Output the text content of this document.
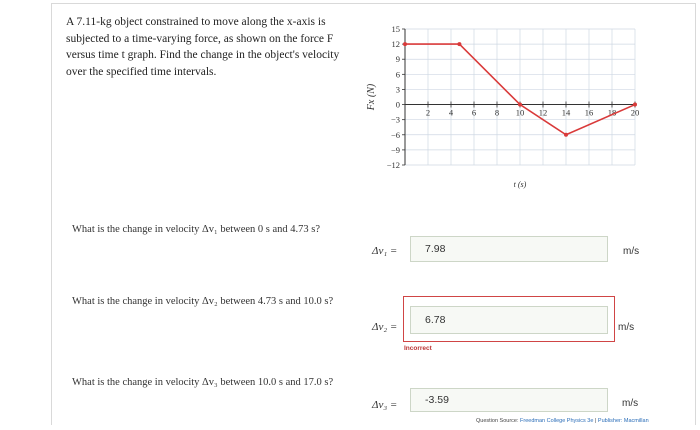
A 7.11-kg object constrained to move along the x-axis is
subjected to a time-varying force, as shown on the force F
versus time t graph. Find the change in the object's velocity
over the specified time intervals.
15
12
9
6
3
0
−3
−6
−9
−12
2 4 6 8 10 12 14 16 18 20
Fx (N)
t (s)
What is the change in velocity Δv₁ between 0 s and 4.73 s?
Δv₁ =	7.98	m/s
What is the change in velocity Δv₂ between 4.73 s and 10.0 s?
Δv₂ =
6.78
m/s
Incorrect
What is the change in velocity Δv₃ between 10.0 s and 17.0 s?
Δv₃ =	-3.59	m/s
Question Source: Freedman College Physics 3e | Publisher: Macmillan
